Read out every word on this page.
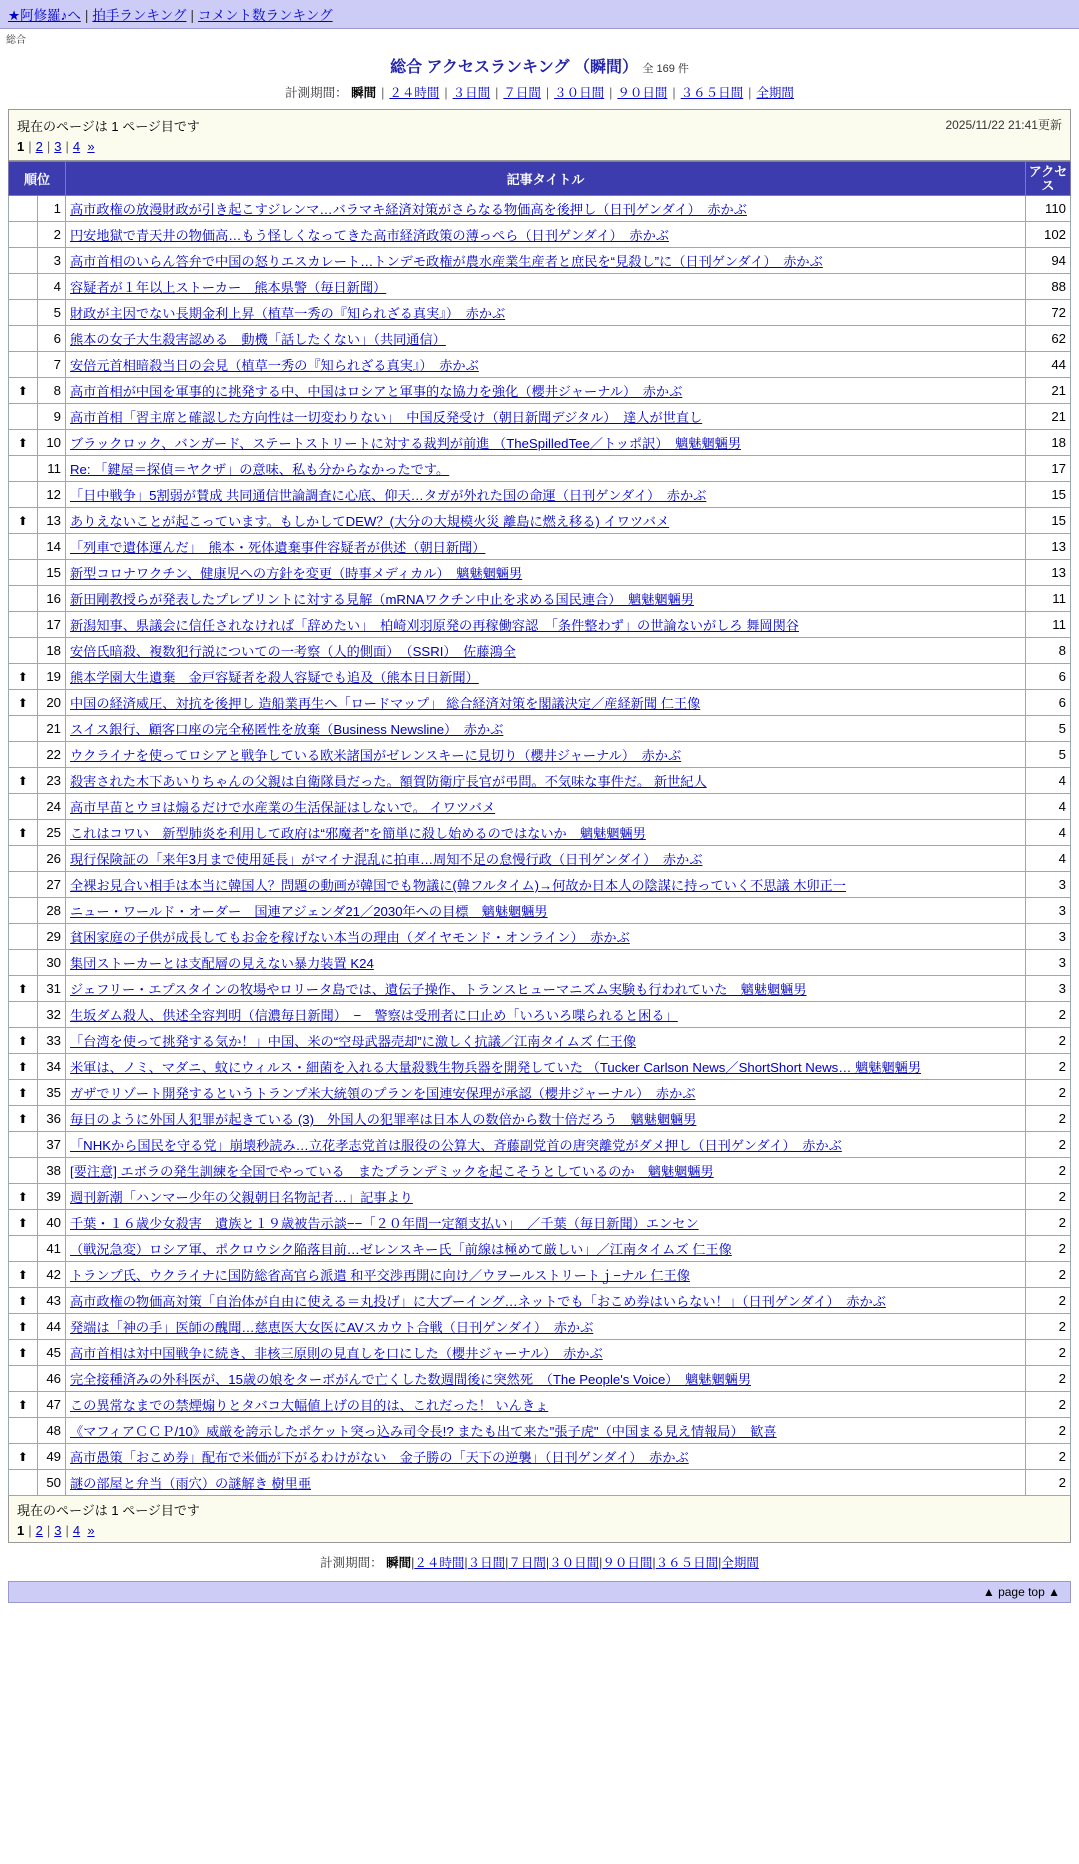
★阿修羅♪へ | 拍手ランキング | コメント数ランキング
総合
総合 アクセスランキング （瞬間） 全 169 件
計測期間： 瞬間 | ２４時間 | ３日間 | ７日間 | ３０日間 | ９０日間 | ３６５日間 | 全期間
2025/11/22 21:41更新
現在のページは 1 ページ目です
1 | 2 | 3 | 4 »
順位		記事タイトル	アクセス
	1	高市政権の放漫財政が引き起こすジレンマ…バラマキ経済対策がさらなる物価高を後押し（日刊ゲンダイ）　赤かぶ	110
	2	円安地獄で青天井の物価高…もう怪しくなってきた高市経済政策の薄っぺら（日刊ゲンダイ）　赤かぶ	102
	3	高市首相のいらん答弁で中国の怒りエスカレート…トンデモ政権が農水産業生産者と庶民を“見殺し”に（日刊ゲンダイ）　赤かぶ	94
	4	容疑者が１年以上ストーカー　熊本県警（毎日新聞）	88
	5	財政が主因でない長期金利上昇（植草一秀の『知られざる真実』）　赤かぶ	72
	6	熊本の女子大生殺害認める　動機「話したくない」（共同通信）	62
	7	安倍元首相暗殺当日の会見（植草一秀の『知られざる真実』）　赤かぶ	44
⬆	8	高市首相が中国を軍事的に挑発する中、中国はロシアと軍事的な協力を強化（櫻井ジャーナル）　赤かぶ	21
	9	高市首相「習主席と確認した方向性は一切変わりない」　中国反発受け（朝日新聞デジタル）　達人が世直し	21
⬆	10	ブラックロック、バンガード、ステートストリートに対する裁判が前進 （TheSpilledTee／トッポ訳）　魑魅魍魎男	18
	11	Re: 「鍵屋＝探偵＝ヤクザ」の意味、私も分からなかったです。	17
	12	「日中戦争」5割弱が賛成 共同通信世論調査に心底、仰天…タガが外れた国の命運（日刊ゲンダイ）　赤かぶ	15
⬆	13	ありえないことが起こっています。もしかしてDEW？(大分の大規模火災 離島に燃え移る) イワツバメ	15
	14	「列車で遺体運んだ」　熊本・死体遺棄事件容疑者が供述（朝日新聞）	13
	15	新型コロナワクチン、健康児への方針を変更（時事メディカル）　魑魅魍魎男	13
	16	新田剛教授らが発表したプレプリントに対する見解（mRNAワクチン中止を求める国民連合）　魑魅魍魎男	11
	17	新潟知事、県議会に信任されなければ「辞めたい」　柏崎刈羽原発の再稼働容認　「条件整わず」の世論ないがしろ 舞岡関谷	11
	18	安倍氏暗殺、複数犯行説についての一考察（人的側面）　（SSRI）　佐藤鴻全	8
⬆	19	熊本学園大生遺棄　金戸容疑者を殺人容疑でも追及（熊本日日新聞）	6
⬆	20	中国の経済威圧、対抗を後押し 造船業再生へ「ロードマップ」 総合経済対策を閣議決定／産経新聞 仁王像	6
	21	スイス銀行、顧客口座の完全秘匿性を放棄（Business Newsline）　赤かぶ	5
	22	ウクライナを使ってロシアと戦争している欧米諸国がゼレンスキーに見切り（櫻井ジャーナル）　赤かぶ	5
⬆	23	殺害された木下あいりちゃんの父親は自衛隊員だった。額賀防衛庁長官が弔問。不気味な事件だ。 新世紀人	4
	24	高市早苗とウヨは煽るだけで水産業の生活保証はしないで。 イワツバメ	4
⬆	25	これはコワい　新型肺炎を利用して政府は“邪魔者”を簡単に殺し始めるのではないか　魑魅魍魎男	4
	26	現行保険証の「来年3月まで使用延長」がマイナ混乱に拍車…周知不足の怠慢行政（日刊ゲンダイ）　赤かぶ	4
	27	全裸お見合い相手は本当に韓国人？問題の動画が韓国でも物議に(韓フルタイム)→何故か日本人の陰謀に持っていく不思議 木卯正一	3
	28	ニュー・ワールド・オーダー　国連アジェンダ21／2030年への目標　魑魅魍魎男	3
	29	貧困家庭の子供が成長してもお金を稼げない本当の理由（ダイヤモンド・オンライン）　赤かぶ	3
	30	集団ストーカーとは支配層の見えない暴力装置 K24	3
⬆	31	ジェフリー・エプスタインの牧場やロリータ島では、遺伝子操作、トランスヒューマニズム実験も行われていた　魑魅魍魎男	3
	32	生坂ダム殺人、供述全容判明（信濃毎日新聞）　−　警察は受刑者に口止め「いろいろ喋られると困る」	2
⬆	33	「台湾を使って挑発する気か！」中国、米の“空母武器売却”に激しく抗議／江南タイムズ 仁王像	2
⬆	34	米軍は、ノミ、マダニ、蚊にウィルス・細菌を入れる大量殺戮生物兵器を開発していた （Tucker Carlson News／ShortShort News… 魑魅魍魎男	2
⬆	35	ガザでリゾート開発するというトランプ米大統領のプランを国連安保理が承認（櫻井ジャーナル）　赤かぶ	2
⬆	36	毎日のように外国人犯罪が起きている (3)　外国人の犯罪率は日本人の数倍から数十倍だろう　魑魅魍魎男	2
	37	「NHKから国民を守る党」崩壊秒読み…立花孝志党首は服役の公算大、斉藤副党首の唐突離党がダメ押し（日刊ゲンダイ）　赤かぶ	2
	38	[要注意] エボラの発生訓練を全国でやっている　またプランデミックを起こそうとしているのか　魑魅魍魎男	2
⬆	39	週刊新潮「ハンマー少年の父親朝日名物記者…」記事より	2
⬆	40	千葉・１６歳少女殺害　遺族と１９歳被告示談−−「２０年間一定額支払い」　／千葉（毎日新聞）エンセン	2
	41	（戦況急変）ロシア軍、ポクロウシク陥落目前…ゼレンスキー氏「前線は極めて厳しい」／江南タイムズ 仁王像	2
⬆	42	トランプ氏、ウクライナに国防総省高官ら派遣 和平交渉再開に向け／ウヲールストリートｊ−ナル 仁王像	2
⬆	43	高市政権の物価高対策「自治体が自由に使える＝丸投げ」に大ブーイング…ネットでも「おこめ券はいらない！」（日刊ゲンダイ）　赤かぶ	2
⬆	44	発端は「神の手」医師の醜聞…慈恵医大女医にAVスカウト合戦（日刊ゲンダイ）　赤かぶ	2
⬆	45	高市首相は対中国戦争に続き、非核三原則の見直しを口にした（櫻井ジャーナル）　赤かぶ	2
	46	完全接種済みの外科医が、15歳の娘をターボがんで亡くした数週間後に突然死　（The People's Voice）　魑魅魍魎男	2
⬆	47	この異常なまでの禁煙煽りとタバコ大幅値上げの目的は、これだった！ いんきょ	2
	48	《マフィアＣＣＰ/10》威厳を誇示したポケット突っ込み司令長!? またも出て来た"張子虎"（中国まる見え情報局）　歓喜	2
⬆	49	高市愚策「おこめ券」配布で米価が下がるわけがない　金子勝の「天下の逆襲」（日刊ゲンダイ）　赤かぶ	2
	50	謎の部屋と弁当（雨穴）の謎解き 樹里亜	2
現在のページは 1 ページ目です
1 | 2 | 3 | 4 »
計測期間： 瞬間|２４時間|３日間|７日間|３０日間|９０日間|３６５日間|全期間
▲ page top ▲
